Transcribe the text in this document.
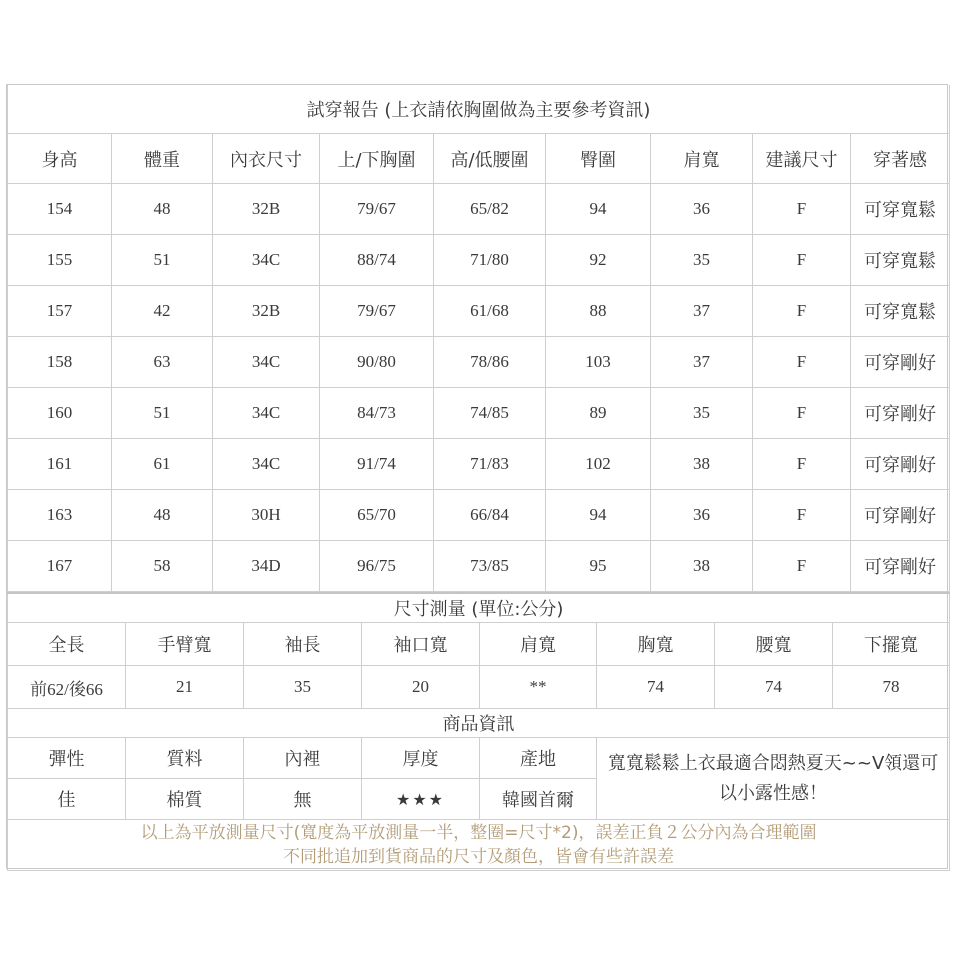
試穿報告 (上衣請依胸圍做為主要參考資訊)								
身高	體重	內衣尺寸	上/下胸圍	高/低腰圍	臀圍	肩寬	建議尺寸	穿著感
154	48	32B	79/67	65/82	94	36	F	可穿寬鬆
155	51	34C	88/74	71/80	92	35	F	可穿寬鬆
157	42	32B	79/67	61/68	88	37	F	可穿寬鬆
158	63	34C	90/80	78/86	103	37	F	可穿剛好
160	51	34C	84/73	74/85	89	35	F	可穿剛好
161	61	34C	91/74	71/83	102	38	F	可穿剛好
163	48	30H	65/70	66/84	94	36	F	可穿剛好
167	58	34D	96/75	73/85	95	38	F	可穿剛好
尺寸測量 (單位:公分)							
全長	手臂寬	袖長	袖口寬	肩寬	胸寬	腰寬	下擺寬
前62/後66	21	35	20	**	74	74	78
商品資訊							
彈性	質料	內裡	厚度	產地	寬寬鬆鬆上衣最適合悶熱夏天~~V領還可以小露性感！		
佳	棉質	無	★★★	韓國首爾			

以上為平放測量尺寸(寬度為平放測量一半，整圈=尺寸*2)，誤差正負２公分內為合理範圍
不同批追加到貨商品的尺寸及顏色，皆會有些許誤差							
